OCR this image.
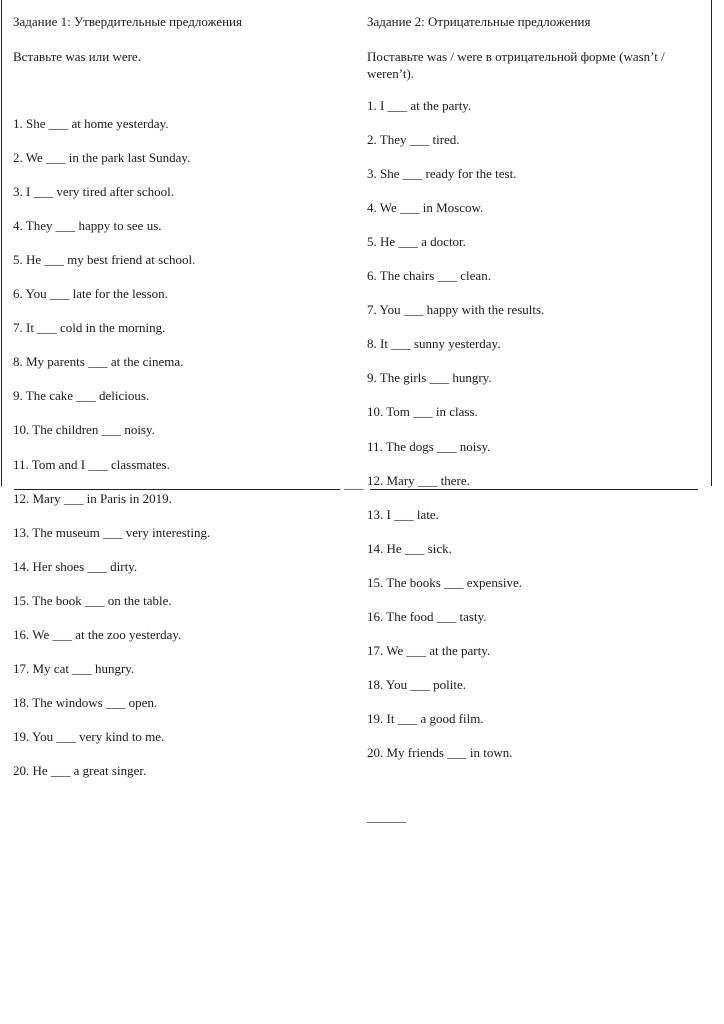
Задание 1: Утвердительные предложения
Вставьте was или were.
1. She ___ at home yesterday.
2. We ___ in the park last Sunday.
3. I ___ very tired after school.
4. They ___ happy to see us.
5. He ___ my best friend at school.
6. You ___ late for the lesson.
7. It ___ cold in the morning.
8. My parents ___ at the cinema.
9. The cake ___ delicious.
10. The children ___ noisy.
11. Tom and I ___ classmates.
12. Mary ___ in Paris in 2019.
13. The museum ___ very interesting.
14. Her shoes ___ dirty.
15. The book ___ on the table.
16. We ___ at the zoo yesterday.
17. My cat ___ hungry.
18. The windows ___ open.
19. You ___ very kind to me.
20. He ___ a great singer.
Задание 2: Отрицательные предложения
Поставьте was / were в отрицательной форме (wasn’t / weren’t).
1. I ___ at the party.
2. They ___ tired.
3. She ___ ready for the test.
4. We ___ in Moscow.
5. He ___ a doctor.
6. The chairs ___ clean.
7. You ___ happy with the results.
8. It ___ sunny yesterday.
9. The girls ___ hungry.
10. Tom ___ in class.
11. The dogs ___ noisy.
12. Mary ___ there.
13. I ___ late.
14. He ___ sick.
15. The books ___ expensive.
16. The food ___ tasty.
17. We ___ at the party.
18. You ___ polite.
19. It ___ a good film.
20. My friends ___ in town.
______
___
